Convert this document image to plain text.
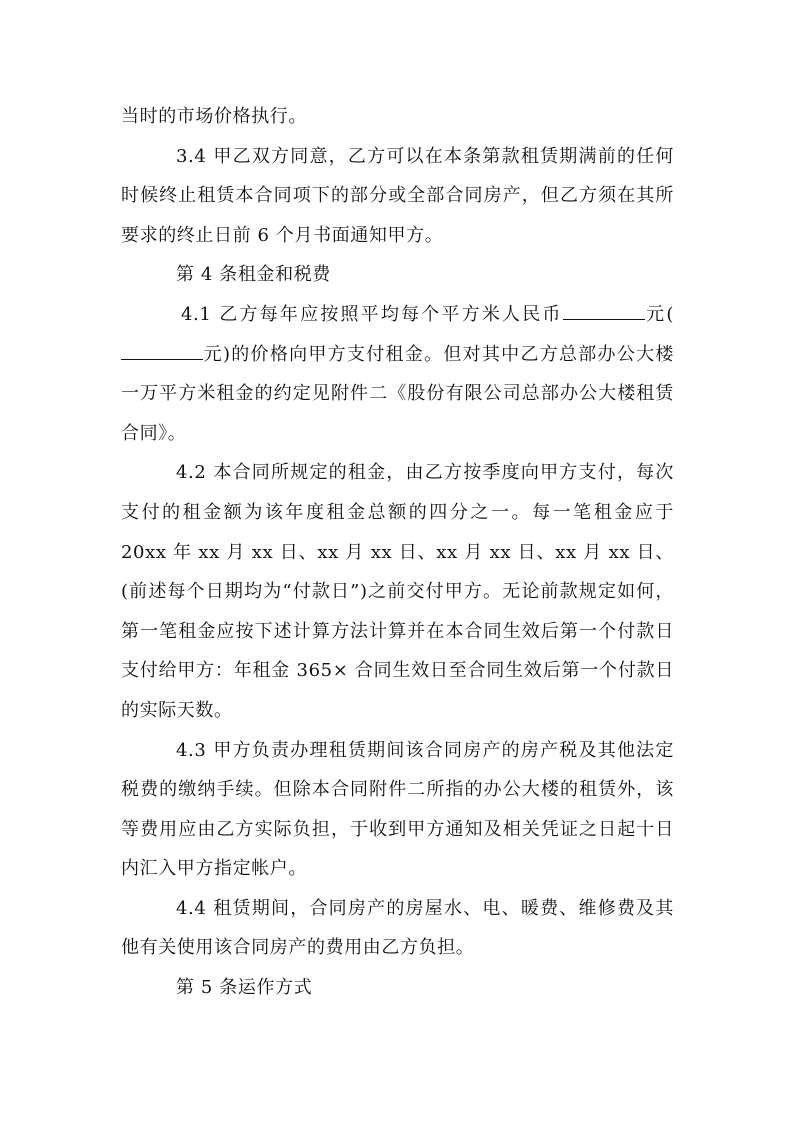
当时的市场价格执行。

3.4 甲乙双方同意，乙方可以在本条第款租赁期满前的任何时候终止租赁本合同项下的部分或全部合同房产，但乙方须在其所要求的终止日前 6 个月书面通知甲方。

第 4 条租金和税费

4.1 乙方每年应按照平均每个平方米人民币	元(元)的价格向甲方支付租金。但对其中乙方总部办公大楼一万平方米租金的约定见附件二《股份有限公司总部办公大楼租赁合同》。

4.2 本合同所规定的租金，由乙方按季度向甲方支付，每次支付的租金额为该年度租金总额的四分之一。每一笔租金应于 20xx 年 xx 月 xx 日、xx 月 xx 日、xx 月 xx 日、xx 月 xx 日、(前述每个日期均为“付款日”)之前交付甲方。无论前款规定如何，第一笔租金应按下述计算方法计算并在本合同生效后第一个付款日支付给甲方：年租金 365× 合同生效日至合同生效后第一个付款日的实际天数。

4.3 甲方负责办理租赁期间该合同房产的房产税及其他法定税费的缴纳手续。但除本合同附件二所指的办公大楼的租赁外，该等费用应由乙方实际负担，于收到甲方通知及相关凭证之日起十日内汇入甲方指定帐户。

4.4 租赁期间，合同房产的房屋水、电、暖费、维修费及其他有关使用该合同房产的费用由乙方负担。

第 5 条运作方式
